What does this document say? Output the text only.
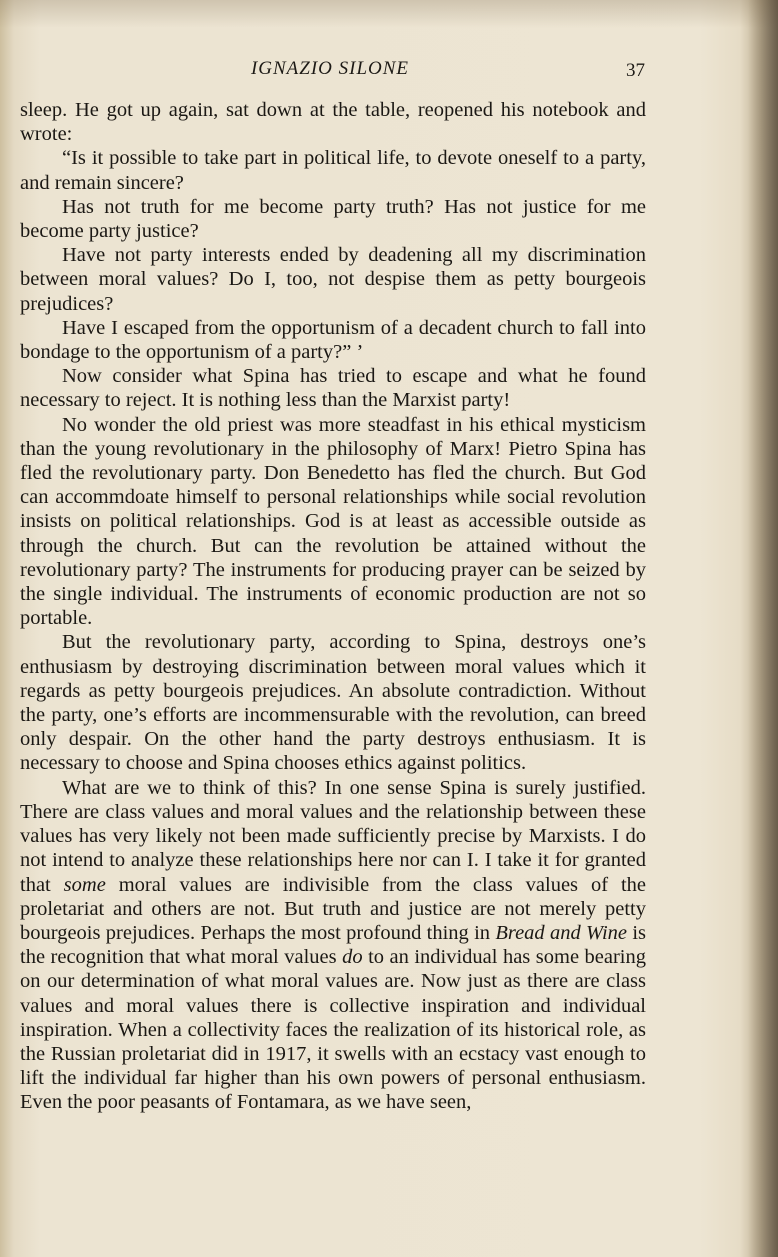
IGNAZIO SILONE	37

sleep. He got up again, sat down at the table, reopened his notebook and wrote:

“Is it possible to take part in political life, to devote oneself to a party, and remain sincere?

Has not truth for me become party truth? Has not justice for me become party justice?

Have not party interests ended by deadening all my discrimination between moral values? Do I, too, not despise them as petty bourgeois prejudices?

Have I escaped from the opportunism of a decadent church to fall into bondage to the opportunism of a party?” ’

Now consider what Spina has tried to escape and what he found necessary to reject. It is nothing less than the Marxist party!

No wonder the old priest was more steadfast in his ethical mysticism than the young revolutionary in the philosophy of Marx! Pietro Spina has fled the revolutionary party. Don Benedetto has fled the church. But God can accommdoate himself to personal relationships while social revolution insists on political relationships. God is at least as accessible outside as through the church. But can the revolution be attained without the revolutionary party? The instruments for producing prayer can be seized by the single individual. The instruments of economic production are not so portable.

But the revolutionary party, according to Spina, destroys one’s enthusiasm by destroying discrimination between moral values which it regards as petty bourgeois prejudices. An absolute contradiction. Without the party, one’s efforts are incommensurable with the revolution, can breed only despair. On the other hand the party destroys enthusiasm. It is necessary to choose and Spina chooses ethics against politics.

What are we to think of this? In one sense Spina is surely justified. There are class values and moral values and the relationship between these values has very likely not been made sufficiently precise by Marxists. I do not intend to analyze these relationships here nor can I. I take it for granted that some moral values are indivisible from the class values of the proletariat and others are not. But truth and justice are not merely petty bourgeois prejudices. Perhaps the most profound thing in Bread and Wine is the recognition that what moral values do to an individual has some bearing on our determination of what moral values are. Now just as there are class values and moral values there is collective inspiration and individual inspiration. When a collectivity faces the realization of its historical role, as the Russian proletariat did in 1917, it swells with an ecstacy vast enough to lift the individual far higher than his own powers of personal enthusiasm. Even the poor peasants of Fontamara, as we have seen,
